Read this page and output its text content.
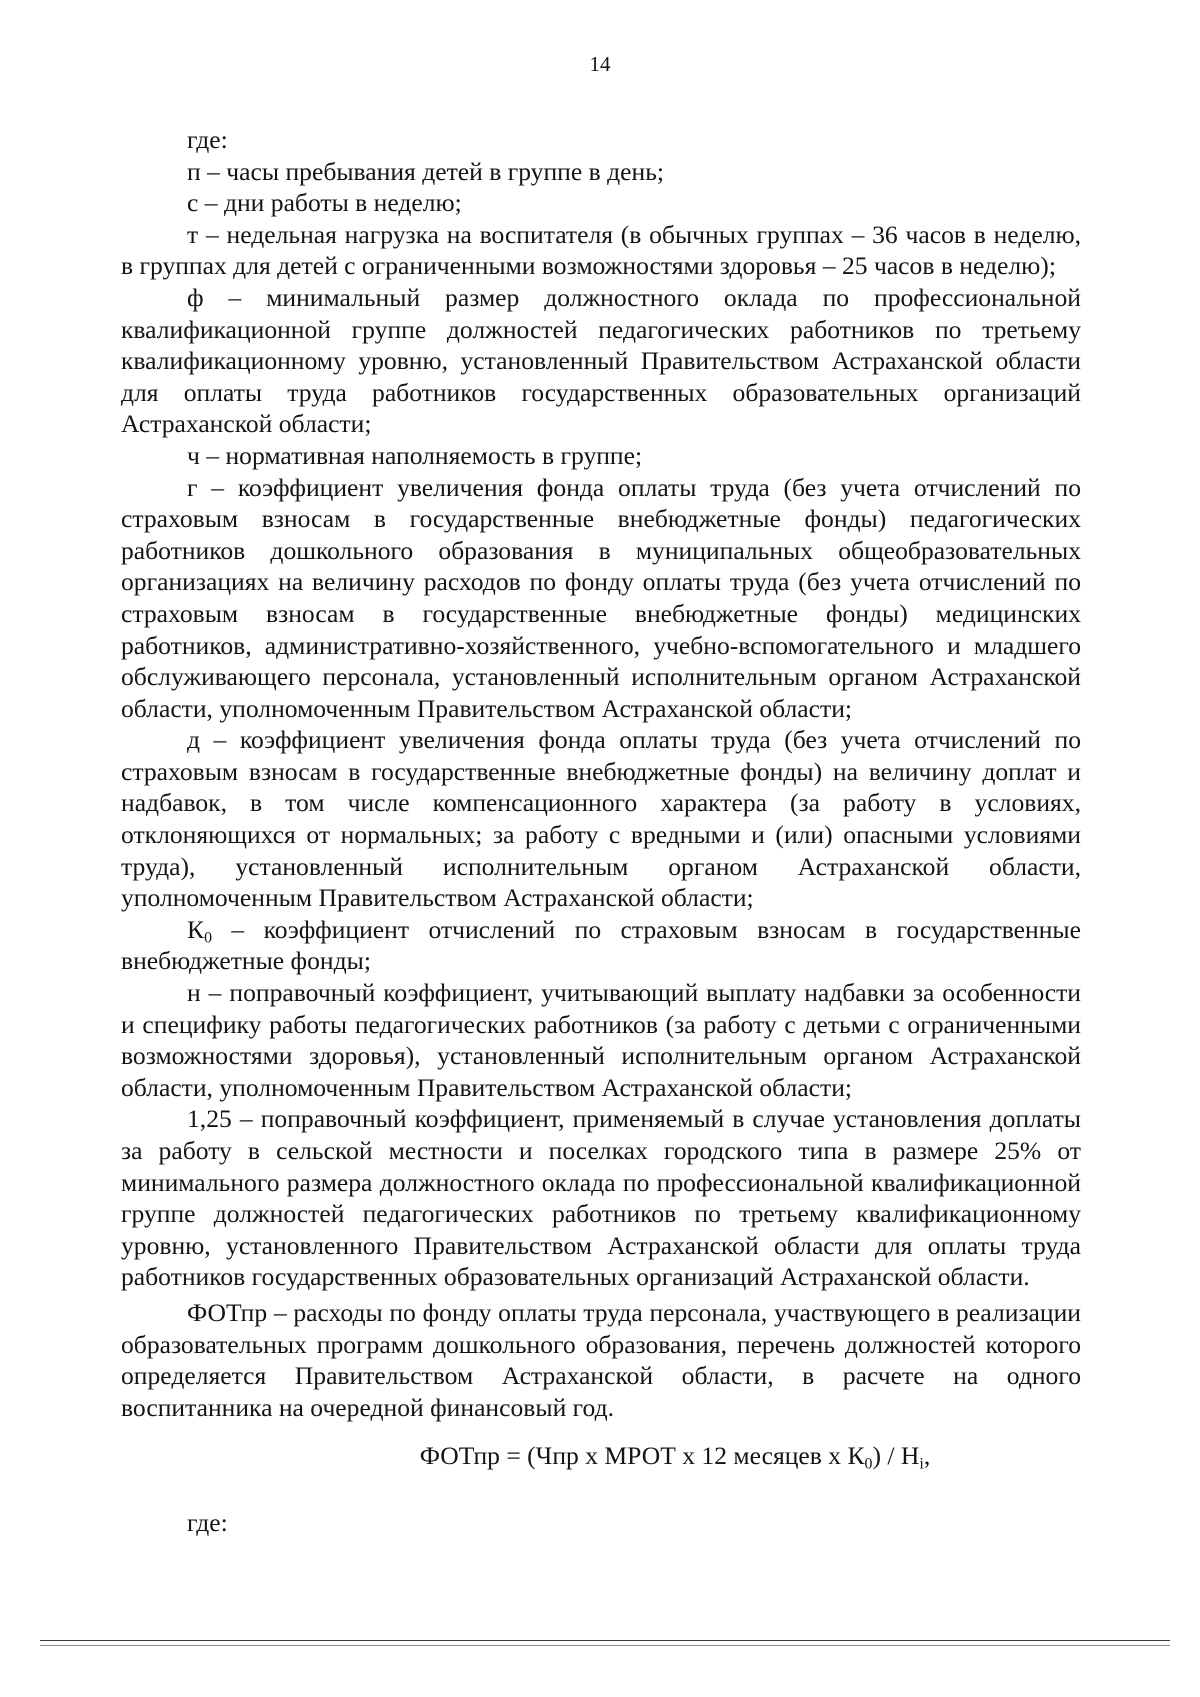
14

где:

п – часы пребывания детей в группе в день;

с – дни работы в неделю;

т – недельная нагрузка на воспитателя (в обычных группах – 36 часов в неделю, в группах для детей с ограниченными возможностями здоровья – 25 часов в неделю);

ф – минимальный размер должностного оклада по профессиональной квалификационной группе должностей педагогических работников по третьему квалификационному уровню, установленный Правительством Астраханской области для оплаты труда работников государственных образовательных организаций Астраханской области;

ч – нормативная наполняемость в группе;

г – коэффициент увеличения фонда оплаты труда (без учета отчислений по страховым взносам в государственные внебюджетные фонды) педагогических работников дошкольного образования в муниципальных общеобразовательных организациях на величину расходов по фонду оплаты труда (без учета отчислений по страховым взносам в государственные внебюджетные фонды) медицинских работников, административно-хозяйственного, учебно-вспомогательного и младшего обслуживающего персонала, установленный исполнительным органом Астраханской области, уполномоченным Правительством Астраханской области;

д – коэффициент увеличения фонда оплаты труда (без учета отчислений по страховым взносам в государственные внебюджетные фонды) на величину доплат и надбавок, в том числе компенсационного характера (за работу в условиях, отклоняющихся от нормальных; за работу с вредными и (или) опасными условиями труда), установленный исполнительным органом Астраханской области, уполномоченным Правительством Астраханской области;

$К_0$ – коэффициент отчислений по страховым взносам в государственные внебюджетные фонды;

н – поправочный коэффициент, учитывающий выплату надбавки за особенности и специфику работы педагогических работников (за работу с детьми с ограниченными возможностями здоровья), установленный исполнительным органом Астраханской области, уполномоченным Правительством Астраханской области;

1,25 – поправочный коэффициент, применяемый в случае установления доплаты за работу в сельской местности и поселках городского типа в размере 25% от минимального размера должностного оклада по профессиональной квалификационной группе должностей педагогических работников по третьему квалификационному уровню, установленного Правительством Астраханской области для оплаты труда работников государственных образовательных организаций Астраханской области.

ФОТпр – расходы по фонду оплаты труда персонала, участвующего в реализации образовательных программ дошкольного образования, перечень должностей которого определяется Правительством Астраханской области, в расчете на одного воспитанника на очередной финансовый год.

ФОТпр = (Чпр х МРОТ х 12 месяцев х $К_0) / Н_i$,
где:
